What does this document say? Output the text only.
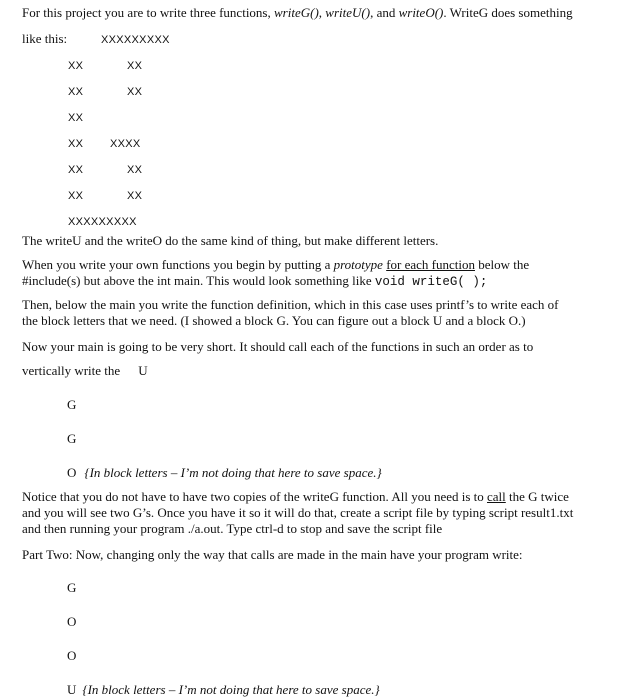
For this project you are to write three functions, writeG(), writeU(), and writeO(). WriteG does something
like this:	XXXXXXXXX
XX	XX
XX	XX
XX
XX XXXX
XX	XX
XX	XX
XXXXXXXXX
The writeU and the writeO do the same kind of thing, but make different letters.
When you write your own functions you begin by putting a prototype for each function below the
#include(s) but above the int main. This would look something like void writeG( );
Then, below the main you write the function definition, which in this case uses printf’s to write each of
the block letters that we need. (I showed a block G. You can figure out a block U and a block O.)
Now your main is going to be very short. It should call each of the functions in such an order as to
vertically write the U
G
G
O {In block letters – I’m not doing that here to save space.}
Notice that you do not have to have two copies of the writeG function. All you need is to call the G twice
and you will see two G’s. Once you have it so it will do that, create a script file by typing script result1.txt
and then running your program ./a.out. Type ctrl-d to stop and save the script file
Part Two: Now, changing only the way that calls are made in the main have your program write:
G
O
O
U {In block letters – I’m not doing that here to save space.}
